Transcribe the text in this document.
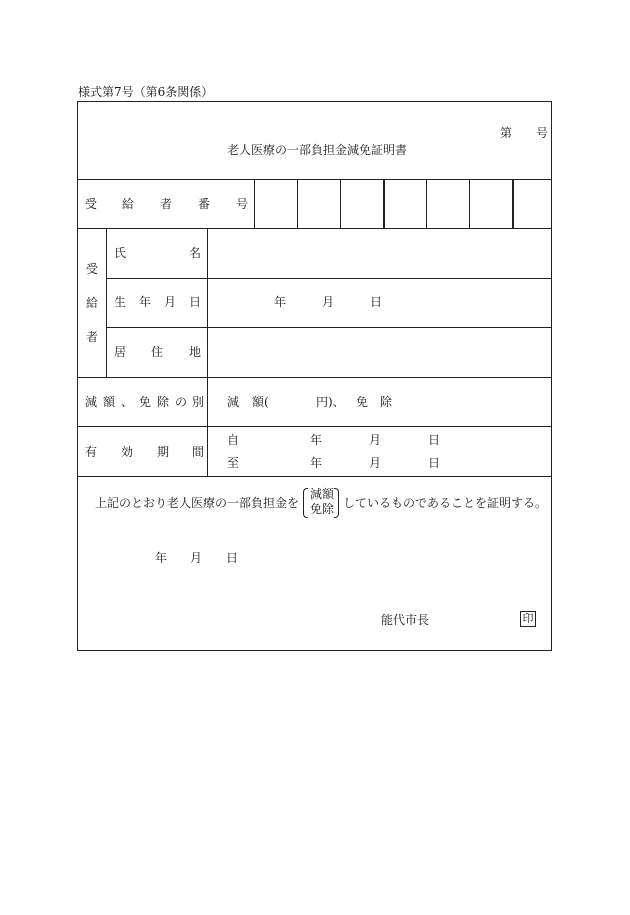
様式第7号（第6条関係）
第 号
老人医療の一部負担金減免証明書
受 給 者 番 号
受
給
者
氏	名
生 年 月 日	年	月	日
居 住 地
減 額 、 免 除 の 別 減 額(	円)、 免 除
有 効 期 間
自	年	月	日
至	年	月	日
上記のとおり老人医療の一部負担金を
減額
免除 しているものであることを証明する。
年 月 日
能代市長	印
